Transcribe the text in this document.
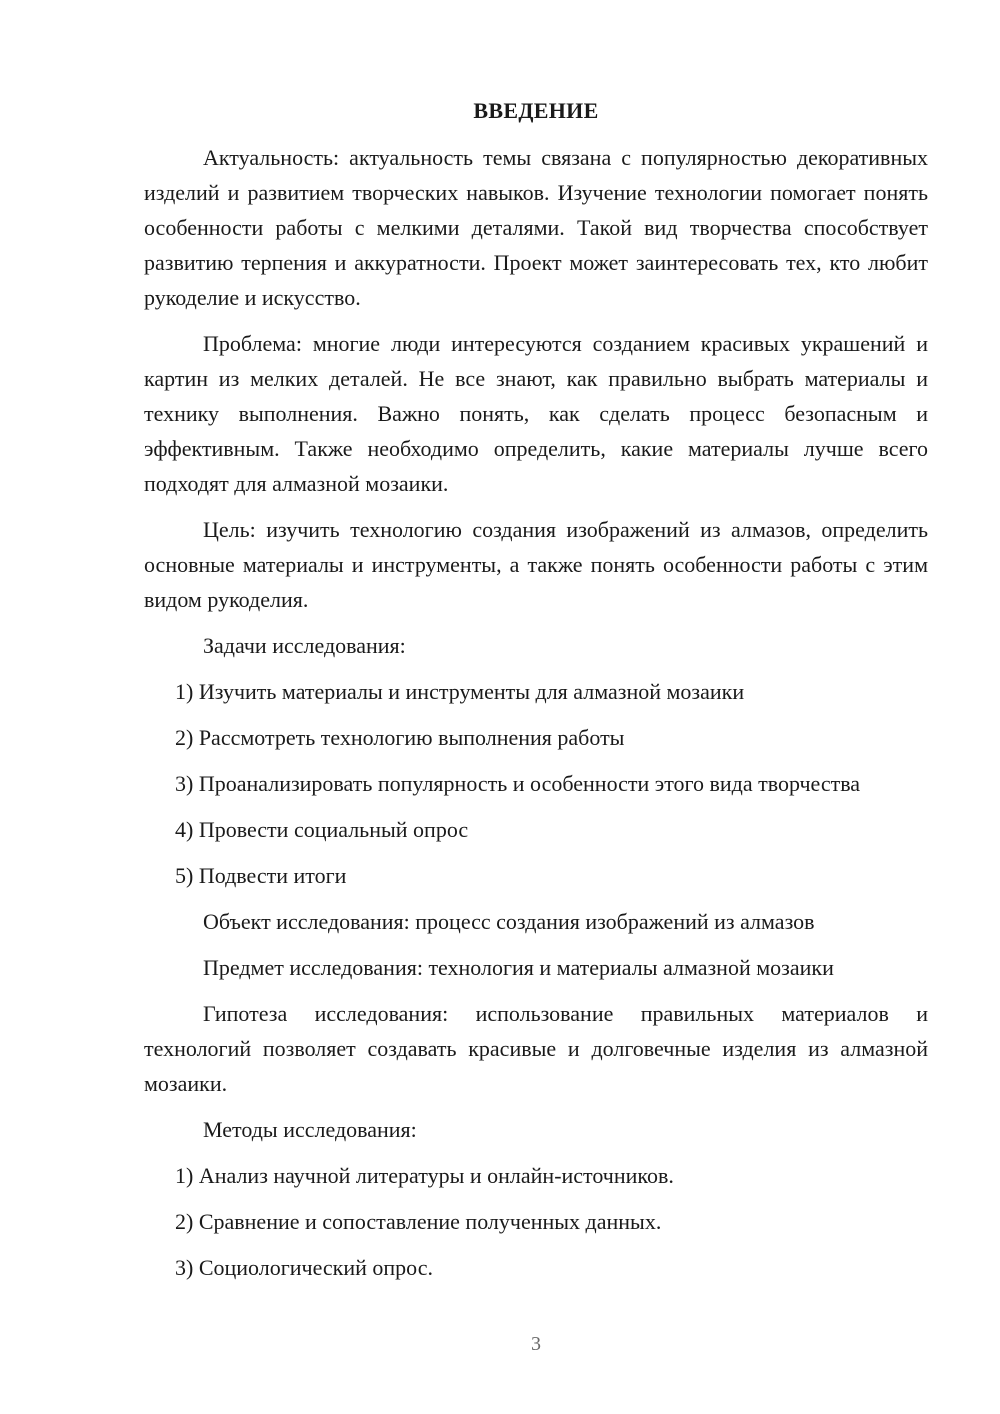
ВВЕДЕНИЕ

Актуальность: актуальность темы связана с популярностью декоративных изделий и развитием творческих навыков. Изучение технологии помогает понять особенности работы с мелкими деталями. Такой вид творчества способствует развитию терпения и аккуратности. Проект может заинтересовать тех, кто любит рукоделие и искусство.

Проблема: многие люди интересуются созданием красивых украшений и картин из мелких деталей. Не все знают, как правильно выбрать материалы и технику выполнения. Важно понять, как сделать процесс безопасным и эффективным. Также необходимо определить, какие материалы лучше всего подходят для алмазной мозаики.

Цель: изучить технологию создания изображений из алмазов, определить основные материалы и инструменты, а также понять особенности работы с этим видом рукоделия.

Задачи исследования:

1) Изучить материалы и инструменты для алмазной мозаики

2) Рассмотреть технологию выполнения работы

3) Проанализировать популярность и особенности этого вида творчества

4) Провести социальный опрос

5) Подвести итоги

Объект исследования: процесс создания изображений из алмазов

Предмет исследования: технология и материалы алмазной мозаики

Гипотеза исследования: использование правильных материалов и технологий позволяет создавать красивые и долговечные изделия из алмазной мозаики.

Методы исследования:

1) Анализ научной литературы и онлайн-источников.

2) Сравнение и сопоставление полученных данных.

3) Социологический опрос.

3
